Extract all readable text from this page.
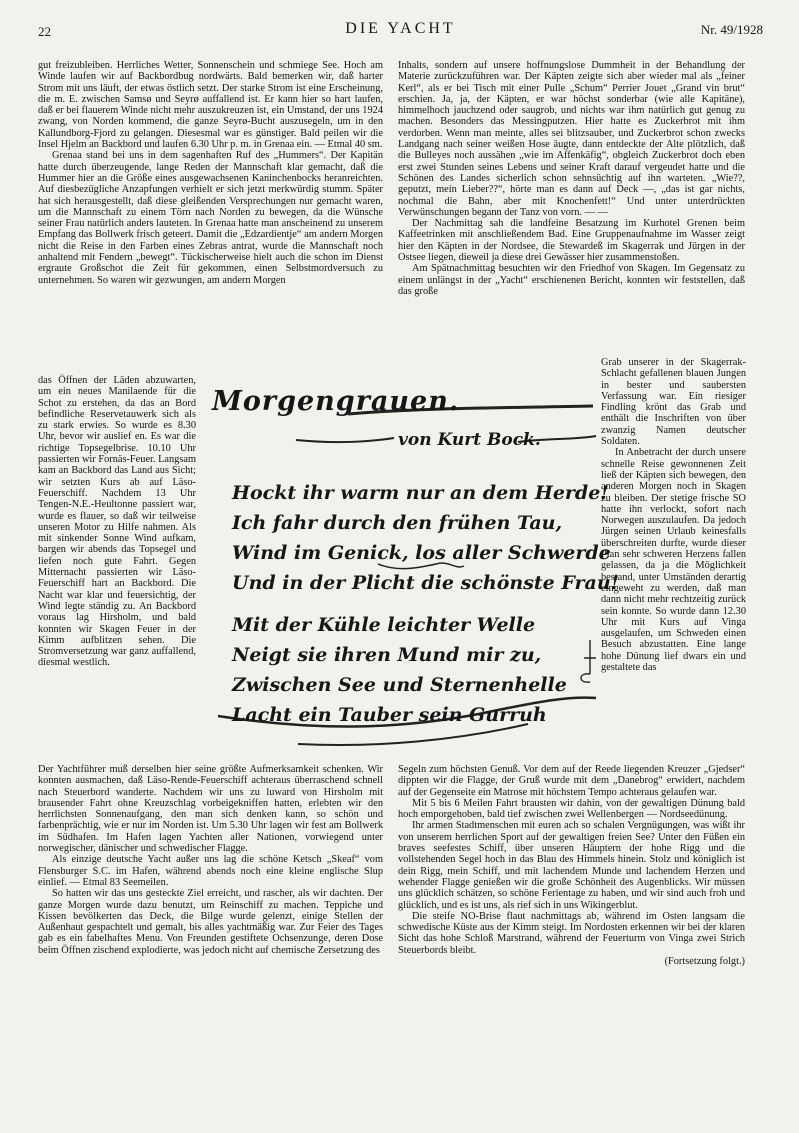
22	DIE YACHT	Nr. 49/1928

gut freizubleiben. Herrliches Wetter, Sonnenschein und schmiege See. Hoch am Winde laufen wir auf Backbordbug nordwärts. Bald bemerken wir, daß harter Strom mit uns läuft, der etwas östlich setzt. Der starke Strom ist eine Erscheinung, die m. E. zwischen Samsø und Seyrø auffallend ist. Er kann hier so hart laufen, daß er bei flauerem Winde nicht mehr auszukreuzen ist, ein Umstand, der uns 1924 zwang, von Norden kommend, die ganze Seyrø-Bucht auszusegeln, um in den Kallundborg-Fjord zu gelangen. Diesesmal war es günstiger. Bald peilen wir die Insel Hjelm an Backbord und laufen 6.30 Uhr p. m. in Grenaa ein. — Etmal 40 sm.

Grenaa stand bei uns in dem sagenhaften Ruf des „Hummers“. Der Kapitän hatte durch überzeugende, lange Reden der Mannschaft klar gemacht, daß die Hummer hier an die Größe eines ausgewachsenen Kaninchenbocks heranreichten. Auf diesbezügliche Anzapfungen verhielt er sich jetzt merkwürdig stumm. Später hat sich herausgestellt, daß diese gleißenden Versprechungen nur gemacht waren, um die Mannschaft zu einem Törn nach Norden zu bewegen, da die Wünsche seiner Frau natürlich anders lauteten. In Grenaa hatte man anscheinend zu unserem Empfang das Bollwerk frisch geteert. Damit die „Edzardientje“ am andern Morgen nicht die Reise in den Farben eines Zebras antrat, wurde die Mannschaft noch anhaltend mit Fendern „bewegt“. Tückischerweise hielt auch die schon im Dienst ergraute Großschot die Zeit für gekommen, einen Selbstmordversuch zu unternehmen. So waren wir gezwungen, am andern Morgen

das Öffnen der Läden abzuwarten, um ein neues Manilaende für die Schot zu erstehen, da das an Bord befindliche Reservetauwerk sich als zu stark erwies. So wurde es 8.30 Uhr, bevor wir auslief en. Es war die richtige Topsegelbrise. 10.10 Uhr passierten wir Fornäs-Feuer. Langsam kam an Backbord das Land aus Sicht; wir setzten Kurs ab auf Läso-Feuerschiff. Nachdem 13 Uhr Tengen-N.E.-Heultonne passiert war, wurde es flauer, so daß wir teilweise unseren Motor zu Hilfe nahmen. Als mit sinkender Sonne Wind aufkam, bargen wir abends das Topsegel und liefen noch gute Fahrt. Gegen Mitternacht passierten wir Läso-Feuerschiff hart an Backbord. Die Nacht war klar und feuersichtig, der Wind legte ständig zu. An Backbord voraus lag Hirsholm, und bald konnten wir Skagen Feuer in der Kimm aufblitzen sehen. Die Stromversetzung war ganz auffallend, diesmal westlich.

Der Yachtführer muß derselben hier seine größte Aufmerksamkeit schenken. Wir konnten ausmachen, daß Läso-Rende-Feuerschiff achteraus überraschend schnell nach Steuerbord wanderte. Nachdem wir uns zu luward von Hirsholm mit brausender Fahrt ohne Kreuzschlag vorbeigekniffen hatten, erlebten wir den herrlichsten Sonnenaufgang, den man sich denken kann, so schön und farbenprächtig, wie er nur im Norden ist. Um 5.30 Uhr lagen wir fest am Bollwerk im Südhafen. Im Hafen lagen Yachten aller Nationen, vorwiegend unter norwegischer, dänischer und schwedischer Flagge.

Als einzige deutsche Yacht außer uns lag die schöne Ketsch „Skeaf“ vom Flensburger S.C. im Hafen, während abends noch eine kleine englische Slup einlief. — Etmal 83 Seemeilen.

So hatten wir das uns gesteckte Ziel erreicht, und rascher, als wir dachten. Der ganze Morgen wurde dazu benutzt, um Reinschiff zu machen. Teppiche und Kissen bevölkerten das Deck, die Bilge wurde gelenzt, einige Stellen der Außenhaut gespachtelt und gemalt, bis alles yachtmäßig war. Zur Feier des Tages gab es ein fabelhaftes Menu. Von Freunden gestiftete Ochsenzunge, deren Dose beim Öffnen zischend explodierte, was jedoch nicht auf chemische Zersetzung des

Inhalts, sondern auf unsere hoffnungslose Dummheit in der Behandlung der Materie zurückzuführen war. Der Käpten zeigte sich aber wieder mal als „feiner Kerl“, als er bei Tisch mit einer Pulle „Schum“ Perrier Jouet „Grand vin brut“ erschien. Ja, ja, der Käpten, er war höchst sonderbar (wie alle Kapitäne), himmelhoch jauchzend oder saugrob, und nichts war ihm natürlich gut genug zu machen. Besonders das Messingputzen. Hier hatte es Zuckerbrot mit ihm verdorben. Wenn man meinte, alles sei blitzsauber, und Zuckerbrot schon zwecks Landgang nach seiner weißen Hose äugte, dann entdeckte der Alte plötzlich, daß die Bulleyes noch aussähen „wie im Affenkäfig“, obgleich Zuckerbrot doch eben erst zwei Stunden seines Lebens und seiner Kraft darauf vergeudet hatte und die Schönen des Landes sicherlich schon sehnsüchtig auf ihn warteten. „Wie??, geputzt, mein Lieber??“, hörte man es dann auf Deck —, „das ist gar nichts, nochmal die Bahn, aber mit Knochenfett!“ Und unter unterdrückten Verwünschungen begann der Tanz von vorn. — —

Der Nachmittag sah die landfeine Besatzung im Kurhotel Grenen beim Kaffeetrinken mit anschließendem Bad. Eine Gruppenaufnahme im Wasser zeigt hier den Käpten in der Nordsee, die Stewardeß im Skagerrak und Jürgen in der Ostsee liegen, dieweil ja diese drei Gewässer hier zusammenstoßen.

Am Spätnachmittag besuchten wir den Friedhof von Skagen. Im Gegensatz zu einem unlängst in der „Yacht“ erschienenen Bericht, konnten wir feststellen, daß das große

Grab unserer in der Skagerrak-Schlacht gefallenen blauen Jungen in bester und saubersten Verfassung war. Ein riesiger Findling krönt das Grab und enthält die Inschriften von über zwanzig Namen deutscher Soldaten.

In Anbetracht der durch unsere schnelle Reise gewonnenen Zeit ließ der Käpten sich bewegen, den anderen Morgen noch in Skagen zu bleiben. Der stetige frische SO hatte ihn verlockt, sofort nach Norwegen auszulaufen. Da jedoch Jürgen seinen Urlaub keinesfalls überschreiten durfte, wurde dieser Plan sehr schweren Herzens fallen gelassen, da ja die Möglichkeit bestand, unter Umständen derartig eingeweht zu werden, daß man dann nicht mehr rechtzeitig zurück sein konnte. So wurde dann 12.30 Uhr mit Kurs auf Vinga ausgelaufen, um Schweden einen Besuch abzustatten. Eine lange hohe Dünung lief dwars ein und gestaltete das

Segeln zum höchsten Genuß. Vor dem auf der Reede liegenden Kreuzer „Gjedser“ dippten wir die Flagge, der Gruß wurde mit dem „Danebrog“ erwidert, nachdem auf der Gegenseite ein Matrose mit höchstem Tempo achteraus gelaufen war.

Mit 5 bis 6 Meilen Fahrt brausten wir dahin, von der gewaltigen Dünung bald hoch emporgehoben, bald tief zwischen zwei Wellenbergen — Nordseedünung.

Ihr armen Stadtmenschen mit euren ach so schalen Vergnügungen, was wißt ihr von unserem herrlichen Sport auf der gewaltigen freien See? Unter den Füßen ein braves seefestes Schiff, über unseren Häuptern der hohe Rigg und die vollstehenden Segel hoch in das Blau des Himmels hinein. Stolz und königlich ist dein Rigg, mein Schiff, und mit lachendem Munde und lachendem Herzen und wehender Flagge genießen wir die große Schönheit des Augenblicks. Wir müssen uns glücklich schätzen, so schöne Ferientage zu haben, und wir sind auch froh und glücklich, und es ist uns, als rief sich in uns Wikingerblut.

Die steife NO-Brise flaut nachmittags ab, während im Osten langsam die schwedische Küste aus der Kimm steigt. Im Nordosten erkennen wir bei der klaren Sicht das hohe Schloß Marstrand, während der Feuerturm von Vinga zwei Strich Steuerbords bleibt.

(Fortsetzung folgt.)

Morgengrauen.
von Kurt Bock.
Hockt ihr warm nur an dem Herde!
Ich fahr durch den frühen Tau,
Wind im Genick, los aller Schwerde
Und in der Plicht die schönste Frau!
Mit der Kühle leichter Welle
Neigt sie ihren Mund mir zu,
Zwischen See und Sternenhelle
Lacht ein Tauber sein Gurruh
